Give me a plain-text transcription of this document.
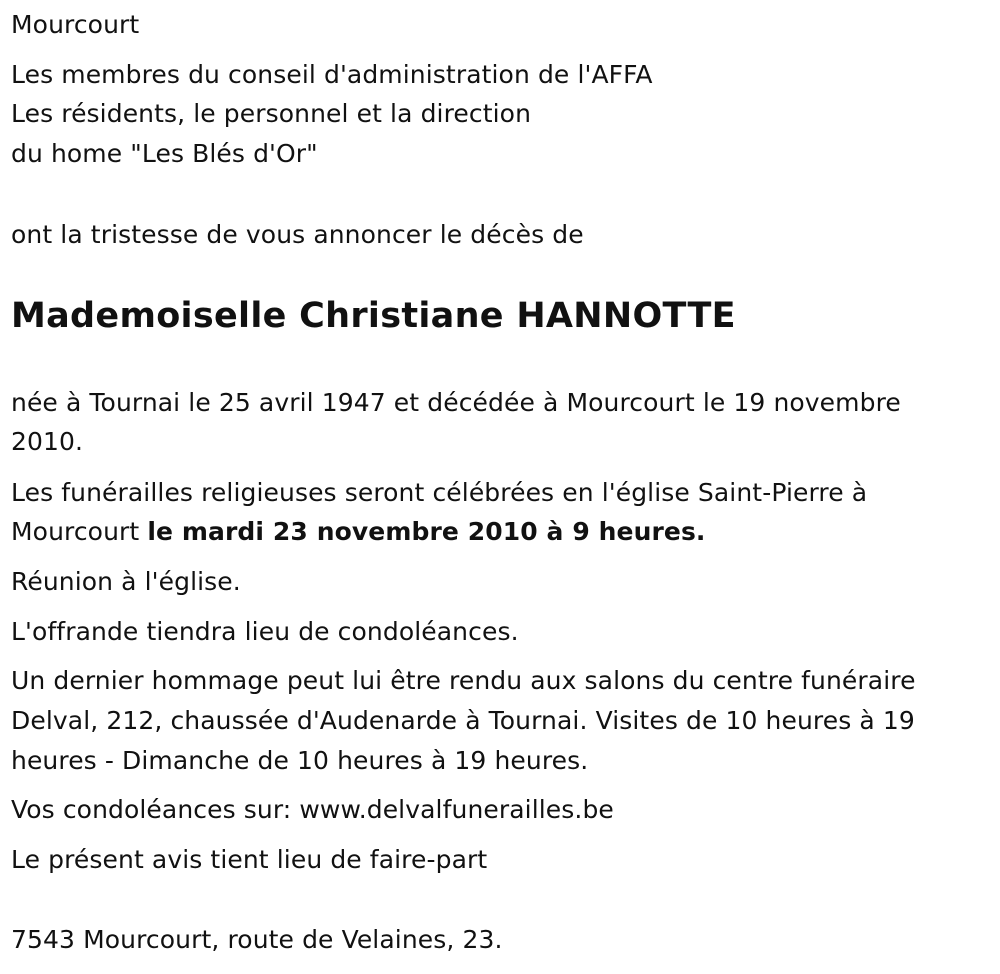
Mourcourt

Les membres du conseil d'administration de l'AFFA

Les résidents, le personnel et la direction

du home "Les Blés d'Or"

ont la tristesse de vous annoncer le décès de

Mademoiselle Christiane HANNOTTE

née à Tournai le 25 avril 1947 et décédée à Mourcourt le 19 novembre

2010.

Les funérailles religieuses seront célébrées en l'église Saint-Pierre à

Mourcourt le mardi 23 novembre 2010 à 9 heures.

Réunion à l'église.

L'offrande tiendra lieu de condoléances.

Un dernier hommage peut lui être rendu aux salons du centre funéraire

Delval, 212, chaussée d'Audenarde à Tournai. Visites de 10 heures à 19

heures - Dimanche de 10 heures à 19 heures.

Vos condoléances sur: www.delvalfunerailles.be

Le présent avis tient lieu de faire-part

7543 Mourcourt, route de Velaines, 23.
